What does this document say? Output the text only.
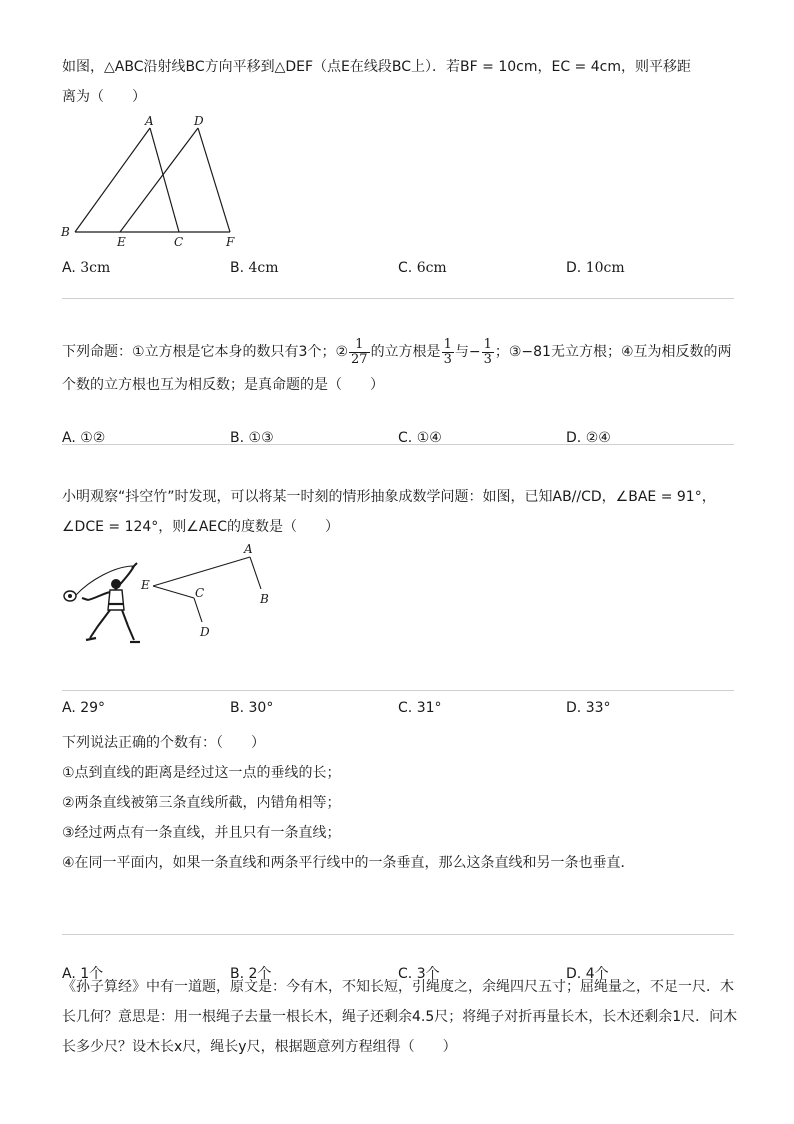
如图，△ABC沿射线BC方向平移到△DEF（点E在线段BC上）．若BF = 10cm，EC = 4cm，则平移距
离为（　　）
A	D
B
E	C	F
A. 3cm	B. 4cm	C. 6cm	D. 10cm
下列命题：①立方根是它本身的数只有3个；② $\frac{1}{27}$ 的立方根是 $\frac{1}{3}$ 与− $\frac{1}{3}$ ；③−81无立方根；④互为相反数的两
个数的立方根也互为相反数；是真命题的是（　　）
A. ①②	B. ①③	C. ①④	D. ②④
小明观察“抖空竹”时发现，可以将某一时刻的情形抽象成数学问题：如图，已知AB//CD，∠BAE = 91°，
∠DCE = 124°，则∠AEC的度数是（　　）
A
B
E
C
D
A. 29°	B. 30°	C. 31°	D. 33°
下列说法正确的个数有：（　　）
①点到直线的距离是经过这一点的垂线的长；
②两条直线被第三条直线所截，内错角相等；
③经过两点有一条直线，并且只有一条直线；
④在同一平面内，如果一条直线和两条平行线中的一条垂直，那么这条直线和另一条也垂直．
A. 1个	B. 2个	C. 3个	D. 4个
《孙子算经》中有一道题，原文是：今有木，不知长短，引绳度之，余绳四尺五寸；屈绳量之，不足一尺．木
长几何？意思是：用一根绳子去量一根长木，绳子还剩余4.5尺；将绳子对折再量长木，长木还剩余1尺．问木
长多少尺？设木长x尺，绳长y尺，根据题意列方程组得（　　）
